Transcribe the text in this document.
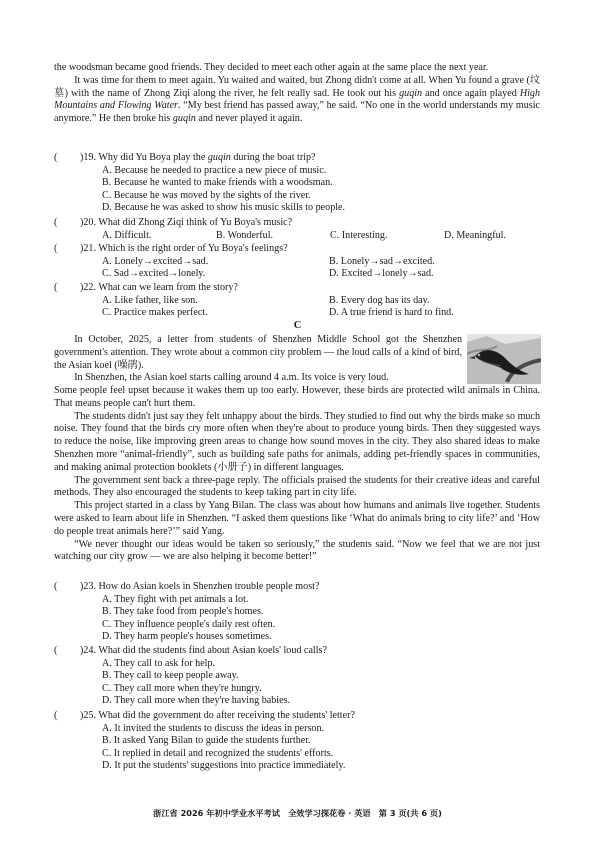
the woodsman became good friends. They decided to meet each other again at the same place the next year.

It was time for them to meet again. Yu waited and waited, but Zhong didn't come at all. When Yu found a grave (坟墓) with the name of Zhong Ziqi along the river, he felt really sad. He took out his guqin and once again played High Mountains and Flowing Water. “My best friend has passed away,” he said. “No one in the world understands my music anymore.” He then broke his guqin and never played it again.

(	)19. Why did Yu Boya play the guqin during the boat trip?
A. Because he needed to practice a new piece of music.
B. Because he wanted to make friends with a woodsman.
C. Because he was moved by the sights of the river.
D. Because he was asked to show his music skills to people.
(	)20. What did Zhong Ziqi think of Yu Boya's music?
A. Difficult.	B. Wonderful.	C. Interesting.	D. Meaningful.
(	)21. Which is the right order of Yu Boya's feelings?
A. Lonely→excited→sad.	B. Lonely→sad→excited.
C. Sad→excited→lonely.	D. Excited→lonely→sad.
(	)22. What can we learn from the story?
A. Like father, like son.	B. Every dog has its day.
C. Practice makes perfect.	D. A true friend is hard to find.
C

In October, 2025, a letter from students of Shenzhen Middle School got the Shenzhen government's attention. They wrote about a common city problem — the loud calls of a kind of bird, the Asian koel (噪鹃).

In Shenzhen, the Asian koel starts calling around 4 a.m. Its voice is very loud.

Some people feel upset because it wakes them up too early. However, these birds are protected wild animals in China. That means people can't hurt them.

The students didn't just say they felt unhappy about the birds. They studied to find out why the birds make so much noise. They found that the birds cry more often when they're about to produce young birds. Then they suggested ways to reduce the noise, like improving green areas to change how sound moves in the city. They also shared ideas to make Shenzhen more “animal-friendly”, such as building safe paths for animals, adding pet-friendly spaces in communities, and making animal protection booklets (小册子) in different languages.

The government sent back a three-page reply. The officials praised the students for their creative ideas and careful methods. They also encouraged the students to keep taking part in city life.

This project started in a class by Yang Bilan. The class was about how humans and animals live together. Students were asked to learn about life in Shenzhen. “I asked them questions like ‘What do animals bring to city life?’ and ‘How do people treat animals here?’” said Yang.

“We never thought our ideas would be taken so seriously,” the students said. “Now we feel that we are not just watching our city grow — we are also helping it become better!”

(	)23. How do Asian koels in Shenzhen trouble people most?
A. They fight with pet animals a lot.
B. They take food from people's homes.
C. They influence people's daily rest often.
D. They harm people's houses sometimes.
(	)24. What did the students find about Asian koels' loud calls?
A. They call to ask for help.
B. They call to keep people away.
C. They call more when they're hungry.
D. They call more when they're having babies.
(	)25. What did the government do after receiving the students' letter?
A. It invited the students to discuss the ideas in person.
B. It asked Yang Bilan to guide the students further.
C. It replied in detail and recognized the students' efforts.
D. It put the students' suggestions into practice immediately.
浙江省 2026 年初中学业水平考试　全效学习探花卷 · 英语　第 3 页(共 6 页)
